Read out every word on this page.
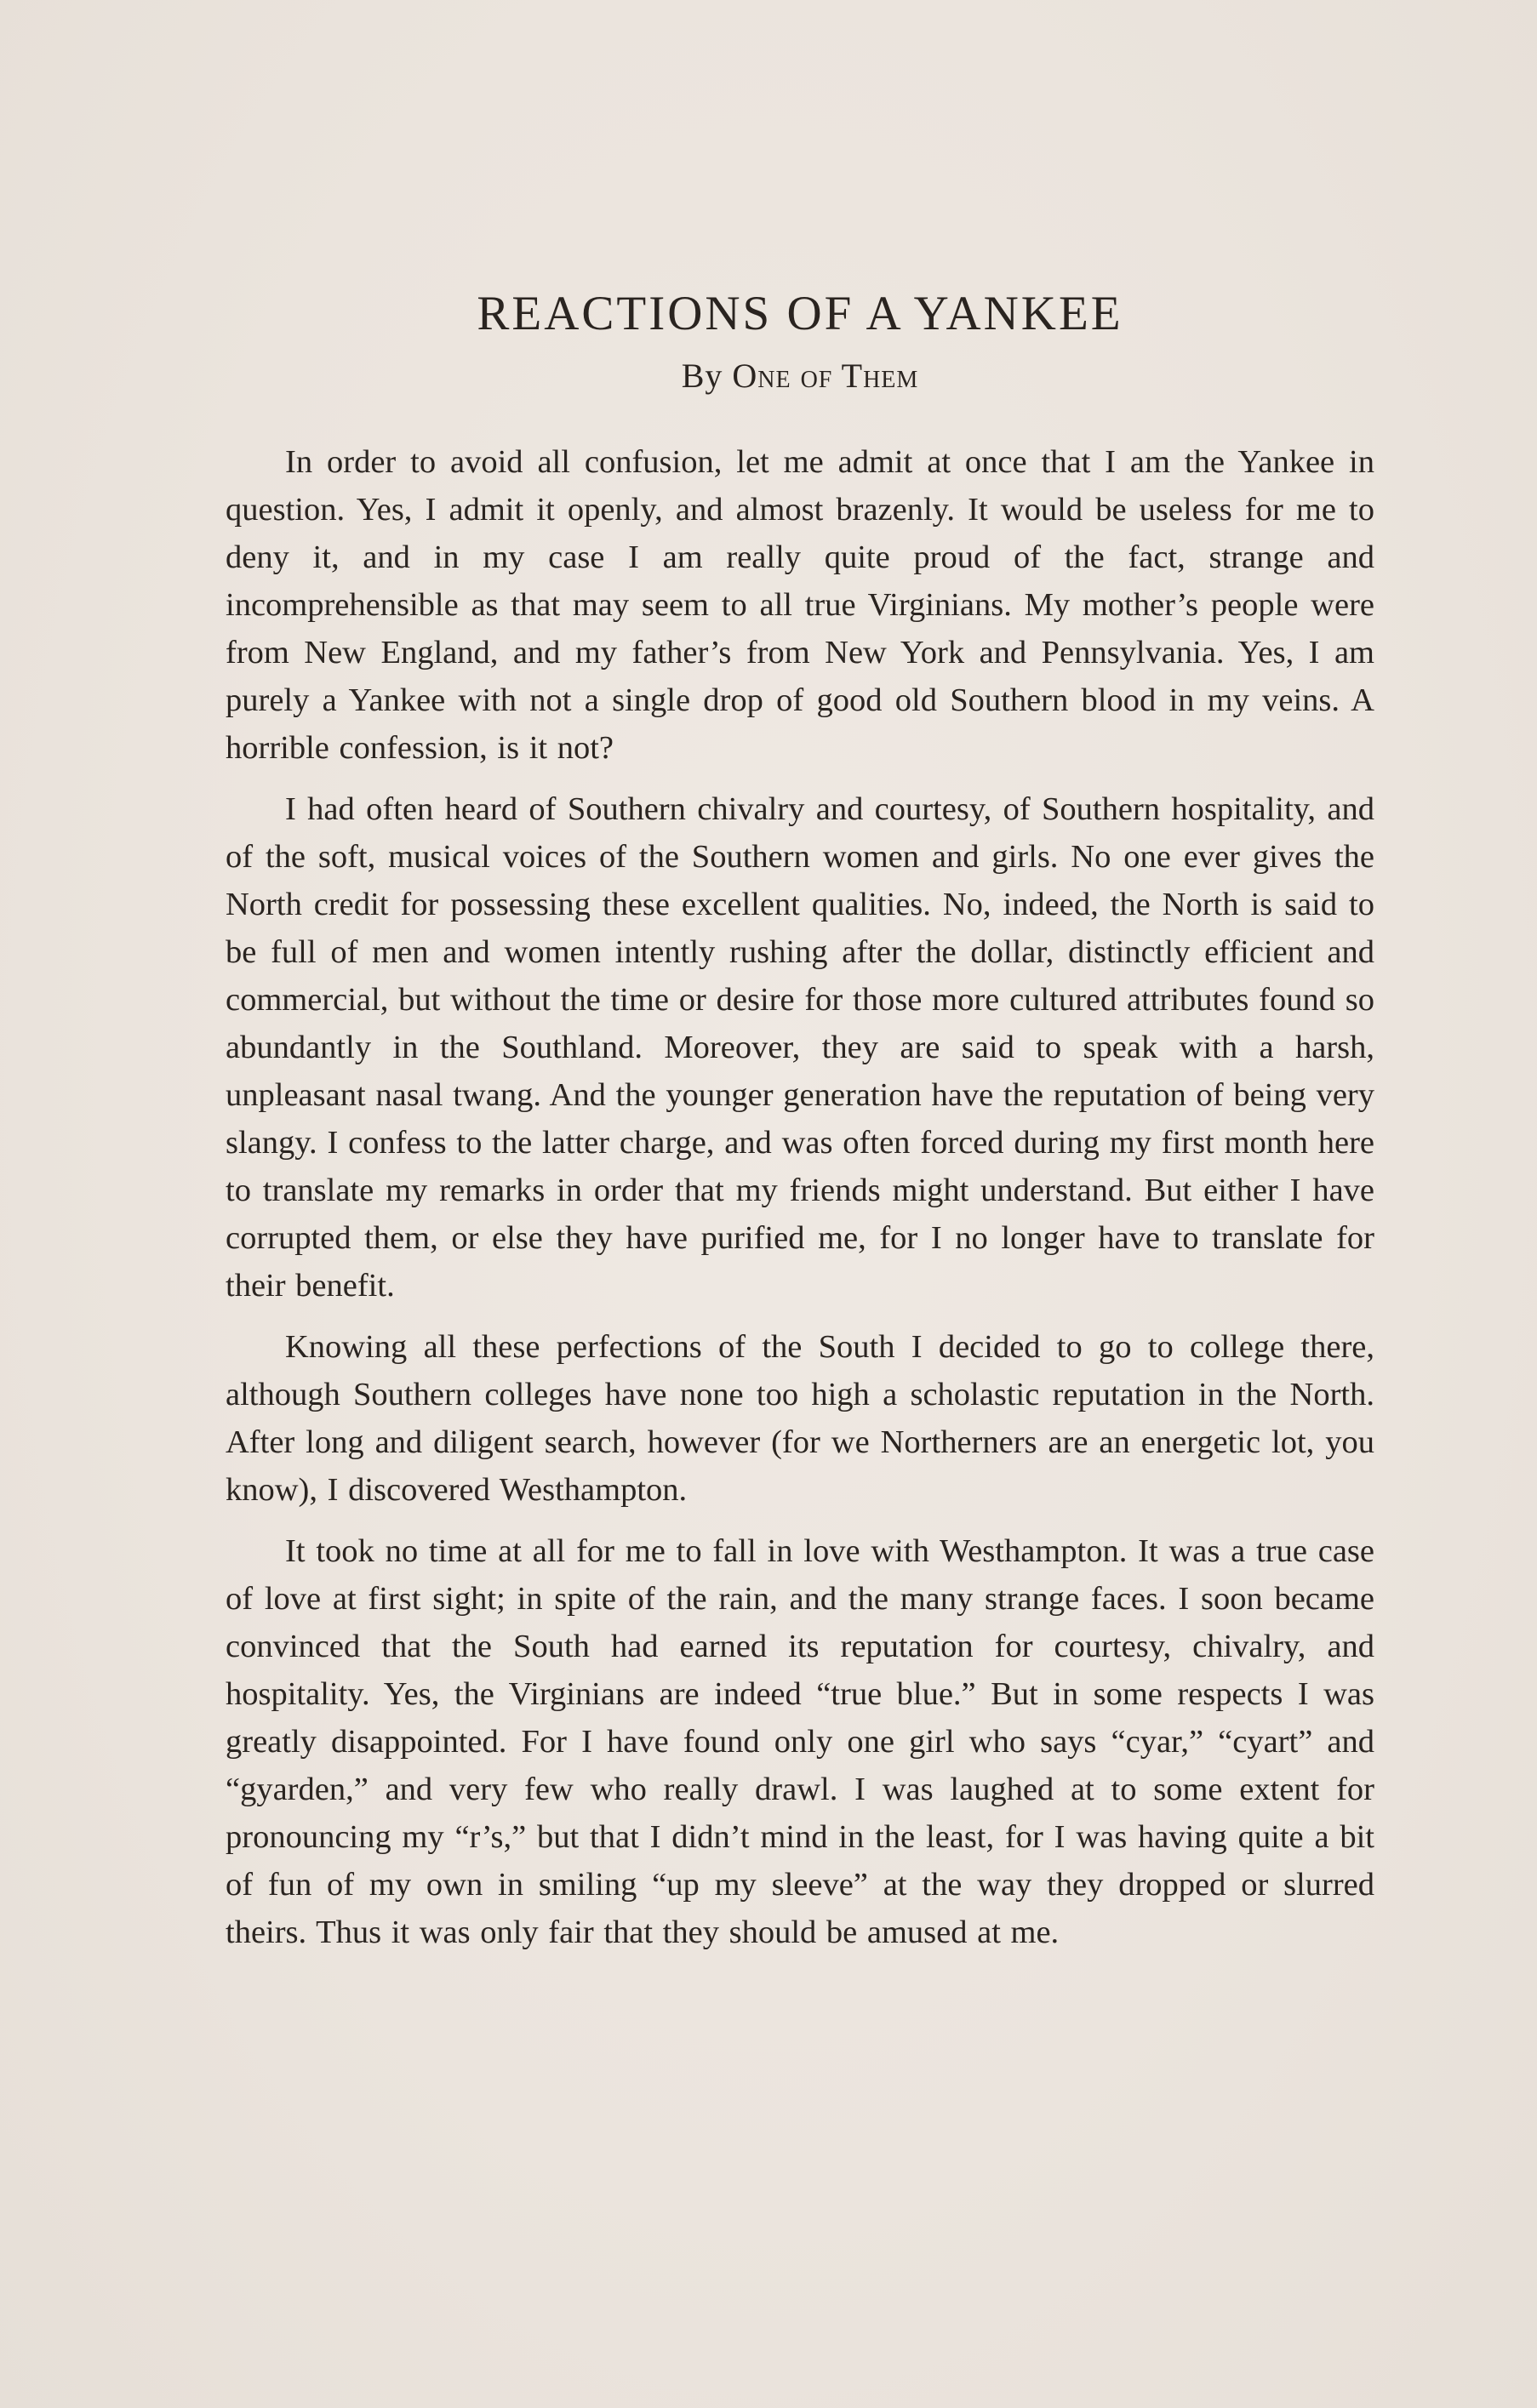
REACTIONS OF A YANKEE
By One of Them

In order to avoid all confusion, let me admit at once that I am the Yankee in question. Yes, I admit it openly, and almost brazenly. It would be useless for me to deny it, and in my case I am really quite proud of the fact, strange and incomprehensible as that may seem to all true Virginians. My mother’s people were from New England, and my father’s from New York and Pennsylvania. Yes, I am purely a Yankee with not a single drop of good old Southern blood in my veins. A horrible confession, is it not?

I had often heard of Southern chivalry and courtesy, of Southern hospitality, and of the soft, musical voices of the Southern women and girls. No one ever gives the North credit for possessing these excellent qualities. No, indeed, the North is said to be full of men and women intently rushing after the dollar, distinctly efficient and commercial, but without the time or desire for those more cultured attributes found so abundantly in the Southland. Moreover, they are said to speak with a harsh, unpleasant nasal twang. And the younger generation have the reputation of being very slangy. I confess to the latter charge, and was often forced during my first month here to translate my remarks in order that my friends might understand. But either I have corrupted them, or else they have purified me, for I no longer have to translate for their benefit.

Knowing all these perfections of the South I decided to go to college there, although Southern colleges have none too high a scholastic reputation in the North. After long and diligent search, however (for we Northerners are an energetic lot, you know), I discovered Westhampton.

It took no time at all for me to fall in love with Westhampton. It was a true case of love at first sight; in spite of the rain, and the many strange faces. I soon became convinced that the South had earned its reputation for courtesy, chivalry, and hospitality. Yes, the Virginians are indeed “true blue.” But in some respects I was greatly disappointed. For I have found only one girl who says “cyar,” “cyart” and “gyarden,” and very few who really drawl. I was laughed at to some extent for pronouncing my “r’s,” but that I didn’t mind in the least, for I was having quite a bit of fun of my own in smiling “up my sleeve” at the way they dropped or slurred theirs. Thus it was only fair that they should be amused at me.
